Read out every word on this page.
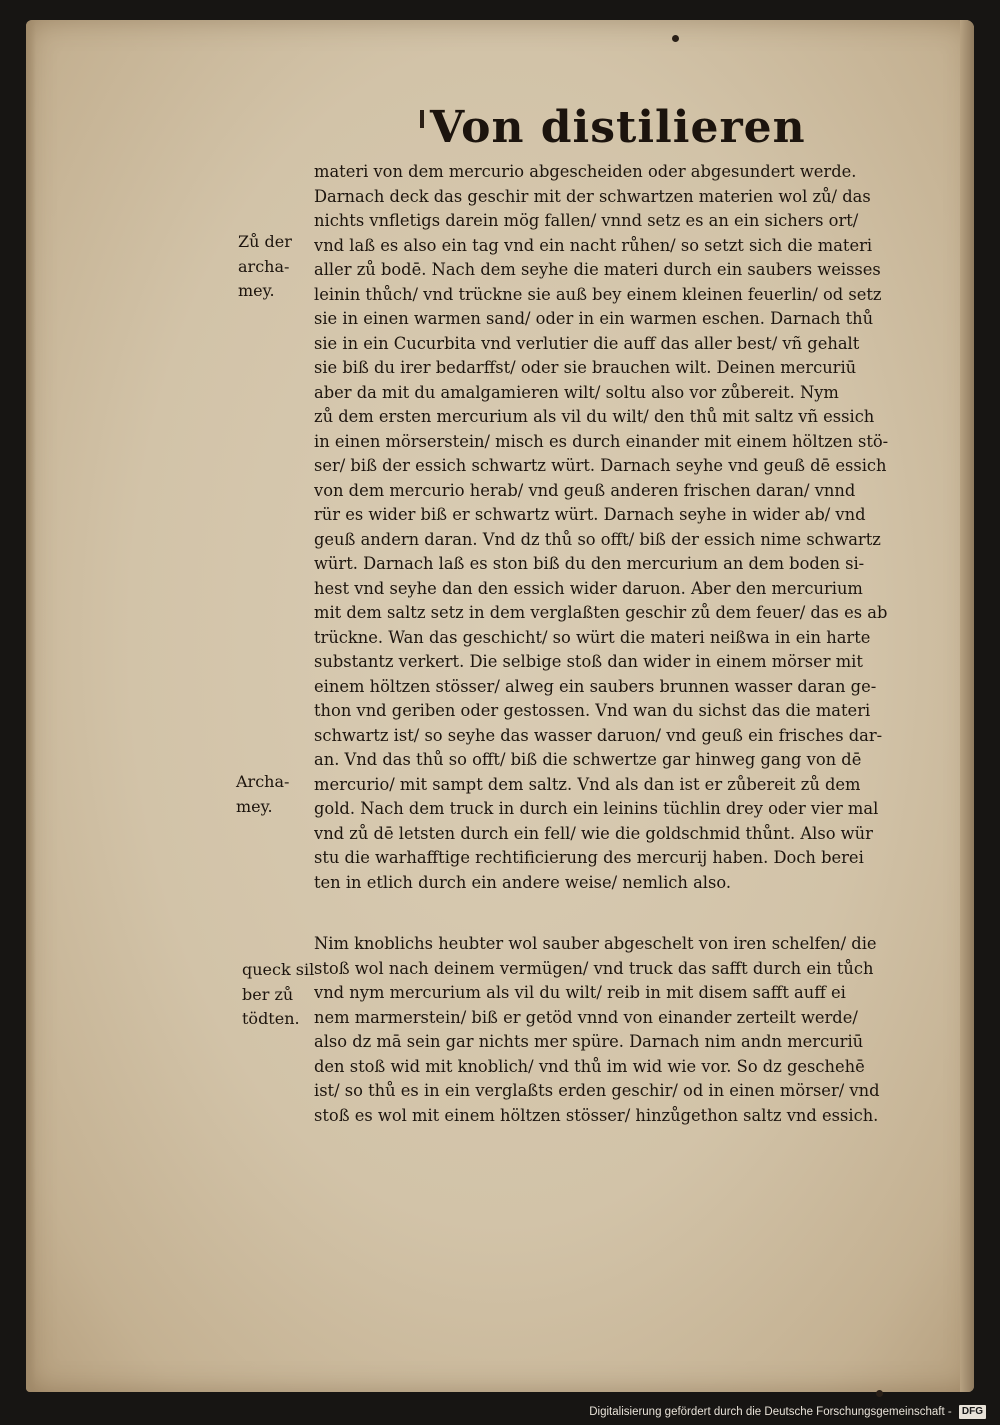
Von distilieren
Zů der
archa-
mey.
Archa-
mey.
queck sil
ber zů
tödten.
materi von dem mercurio abgescheiden oder abgesundert werde.
Darnach deck das geschir mit der schwartzen materien wol zů/ das
nichts vnfletigs darein mög fallen/ vnnd setz es an ein sichers ort/
vnd laß es also ein tag vnd ein nacht růhen/ so setzt sich die materi
aller zů bodē. Nach dem seyhe die materi durch ein saubers weisses
leinin thůch/ vnd trückne sie auß bey einem kleinen feuerlin/ od setz
sie in einen warmen sand/ oder in ein warmen eschen. Darnach thů
sie in ein Cucurbita vnd verlutier die auff das aller best/ vñ gehalt
sie biß du irer bedarffst/ oder sie brauchen wilt. Deinen mercuriū
aber da mit du amalgamieren wilt/ soltu also vor zůbereit. Nym
zů dem ersten mercurium als vil du wilt/ den thů mit saltz vñ essich
in einen mörserstein/ misch es durch einander mit einem höltzen stö-
ser/ biß der essich schwartz würt. Darnach seyhe vnd geuß dē essich
von dem mercurio herab/ vnd geuß anderen frischen daran/ vnnd
rür es wider biß er schwartz würt. Darnach seyhe in wider ab/ vnd
geuß andern daran. Vnd dz thů so offt/ biß der essich nime schwartz
würt. Darnach laß es ston biß du den mercurium an dem boden si-
hest vnd seyhe dan den essich wider daruon. Aber den mercurium
mit dem saltz setz in dem verglaßten geschir zů dem feuer/ das es ab
trückne. Wan das geschicht/ so würt die materi neißwa in ein harte
substantz verkert. Die selbige stoß dan wider in einem mörser mit
einem höltzen stösser/ alweg ein saubers brunnen wasser daran ge-
thon vnd geriben oder gestossen. Vnd wan du sichst das die materi
schwartz ist/ so seyhe das wasser daruon/ vnd geuß ein frisches dar-
an. Vnd das thů so offt/ biß die schwertze gar hinweg gang von dē
mercurio/ mit sampt dem saltz. Vnd als dan ist er zůbereit zů dem
gold. Nach dem truck in durch ein leinins tüchlin drey oder vier mal
vnd zů dē letsten durch ein fell/ wie die goldschmid thůnt. Also wür
stu die warhafftige rechtificierung des mercurij haben. Doch berei
ten in etlich durch ein andere weise/ nemlich also.
Nim knoblichs heubter wol sauber abgeschelt von iren schelfen/ die
stoß wol nach deinem vermügen/ vnd truck das safft durch ein tůch
vnd nym mercurium als vil du wilt/ reib in mit disem safft auff ei
nem marmerstein/ biß er getöd vnnd von einander zerteilt werde/
also dz mā sein gar nichts mer spüre. Darnach nim andn mercuriū
den stoß wid mit knoblich/ vnd thů im wid wie vor. So dz geschehē
ist/ so thů es in ein verglaßts erden geschir/ od in einen mörser/ vnd
stoß es wol mit einem höltzen stösser/ hinzůgethon saltz vnd essich.
Digitalisierung gefördert durch die Deutsche Forschungsgemeinschaft - DFG
